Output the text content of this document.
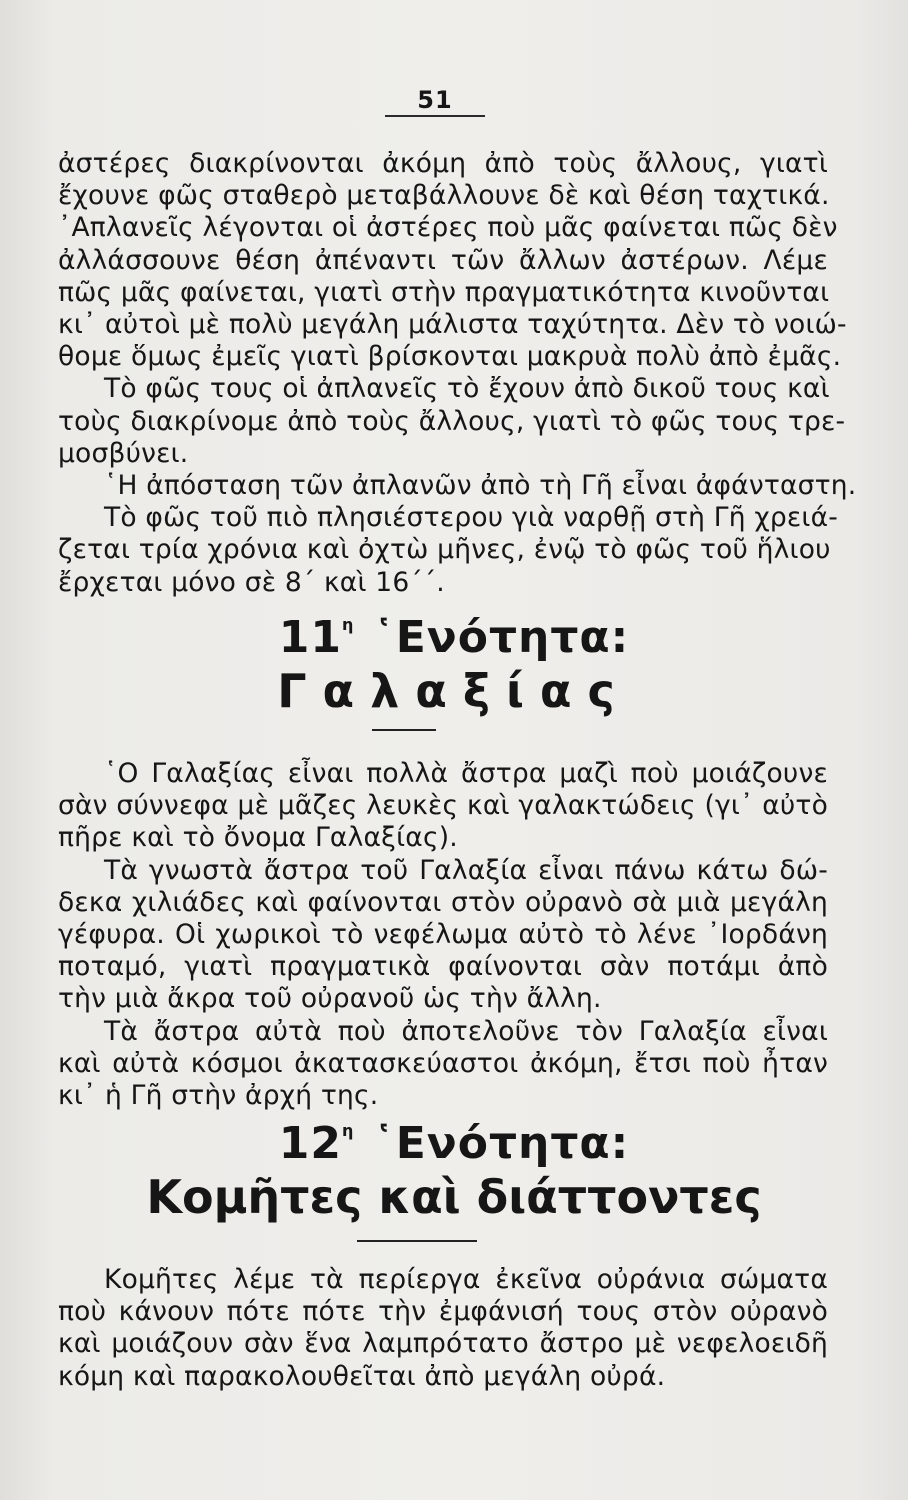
51
ἀστέρες διακρίνονται ἀκόμη ἀπὸ τοὺς ἄλλους, γιατὶ
ἔχουνε φῶς σταθερὸ μεταβάλλουνε δὲ καὶ θέση ταχτικά.
᾿Απλανεῖς λέγονται οἱ ἀστέρες ποὺ μᾶς φαίνεται πῶς δὲν
ἀλλάσσουνε θέση ἀπέναντι τῶν ἄλλων ἀστέρων. Λέμε
πῶς μᾶς φαίνεται, γιατὶ στὴν πραγματικότητα κινοῦνται
κι᾿ αὐτοὶ μὲ πολὺ μεγάλη μάλιστα ταχύτητα. Δὲν τὸ νοιώ-
θομε ὅμως ἐμεῖς γιατὶ βρίσκονται μακρυὰ πολὺ ἀπὸ ἐμᾶς.
Τὸ φῶς τους οἱ ἀπλανεῖς τὸ ἔχουν ἀπὸ δικοῦ τους καὶ
τοὺς διακρίνομε ἀπὸ τοὺς ἄλλους, γιατὶ τὸ φῶς τους τρε-
μοσβύνει.
῾Η ἀπόσταση τῶν ἀπλανῶν ἀπὸ τὴ Γῆ εἶναι ἀφάνταστη.
Τὸ φῶς τοῦ πιὸ πλησιέστερου γιὰ ναρθῇ στὴ Γῆ χρειά-
ζεται τρία χρόνια καὶ ὀχτὼ μῆνες, ἐνῷ τὸ φῶς τοῦ ἥλιου
ἔρχεται μόνο σὲ 8΄ καὶ 16΄΄.
$11^\eta$ ῾Ενότητα:
Γαλαξίας
῾Ο Γαλαξίας εἶναι πολλὰ ἄστρα μαζὶ ποὺ μοιάζουνε
σὰν σύννεφα μὲ μᾶζες λευκὲς καὶ γαλακτώδεις (γι᾿ αὐτὸ
πῆρε καὶ τὸ ὄνομα Γαλαξίας).
Τὰ γνωστὰ ἄστρα τοῦ Γαλαξία εἶναι πάνω κάτω δώ-
δεκα χιλιάδες καὶ φαίνονται στὸν οὐρανὸ σὰ μιὰ μεγάλη
γέφυρα. Οἱ χωρικοὶ τὸ νεφέλωμα αὐτὸ τὸ λένε ᾿Ιορδάνη
ποταμό, γιατὶ πραγματικὰ φαίνονται σὰν ποτάμι ἀπὸ
τὴν μιὰ ἄκρα τοῦ οὐρανοῦ ὡς τὴν ἄλλη.
Τὰ ἄστρα αὐτὰ ποὺ ἀποτελοῦνε τὸν Γαλαξία εἶναι
καὶ αὐτὰ κόσμοι ἀκατασκεύαστοι ἀκόμη, ἔτσι ποὺ ἦταν
κι᾿ ἡ Γῆ στὴν ἀρχή της.
$12^\eta$ ῾Ενότητα:
Κομῆτες καὶ διάττοντες
Κομῆτες λέμε τὰ περίεργα ἐκεῖνα οὐράνια σώματα
ποὺ κάνουν πότε πότε τὴν ἐμφάνισή τους στὸν οὐρανὸ
καὶ μοιάζουν σὰν ἕνα λαμπρότατο ἄστρο μὲ νεφελοειδῆ
κόμη καὶ παρακολουθεῖται ἀπὸ μεγάλη οὐρά.
